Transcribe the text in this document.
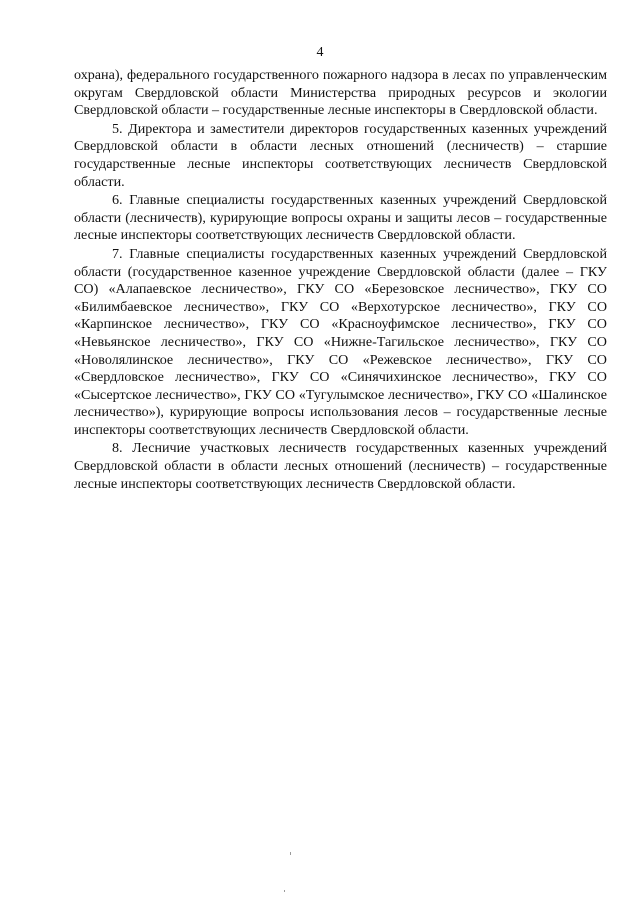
4

охрана), федерального государственного пожарного надзора в лесах по управленческим округам Свердловской области Министерства природных ресурсов и экологии Свердловской области – государственные лесные инспекторы в Свердловской области.

5. Директора и заместители директоров государственных казенных учреждений Свердловской области в области лесных отношений (лесничеств) – старшие государственные лесные инспекторы соответствующих лесничеств Свердловской области.

6. Главные специалисты государственных казенных учреждений Свердловской области (лесничеств), курирующие вопросы охраны и защиты лесов – государственные лесные инспекторы соответствующих лесничеств Свердловской области.

7. Главные специалисты государственных казенных учреждений Свердловской области (государственное казенное учреждение Свердловской области (далее – ГКУ СО) «Алапаевское лесничество», ГКУ СО «Березовское лесничество», ГКУ СО «Билимбаевское лесничество», ГКУ СО «Верхотурское лесничество», ГКУ СО «Карпинское лесничество», ГКУ СО «Красноуфимское лесничество», ГКУ СО «Невьянское лесничество», ГКУ СО «Нижне-Тагильское лесничество», ГКУ СО «Новолялинское лесничество», ГКУ СО «Режевское лесничество», ГКУ СО «Свердловское лесничество», ГКУ СО «Синячихинское лесничество», ГКУ СО «Сысертское лесничество», ГКУ СО «Тугулымское лесничество», ГКУ СО «Шалинское лесничество»), курирующие вопросы использования лесов – государственные лесные инспекторы соответствующих лесничеств Свердловской области.

8. Лесничие участковых лесничеств государственных казенных учреждений Свердловской области в области лесных отношений (лесничеств) – государственные лесные инспекторы соответствующих лесничеств Свердловской области.
